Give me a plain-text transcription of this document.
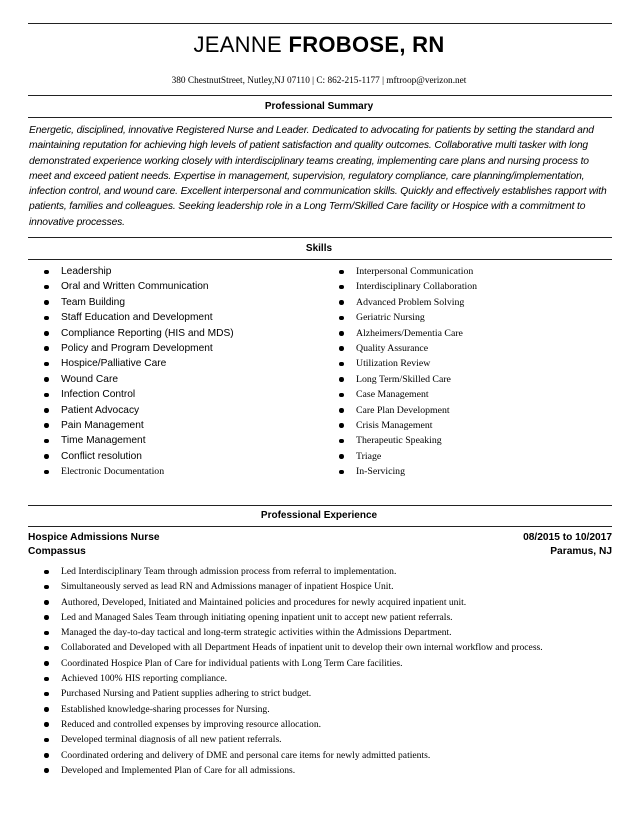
JEANNE FROBOSE, RN
380 ChestnutStreet, Nutley,NJ 07110 | C: 862-215-1177 | mftroop@verizon.net
Professional Summary
Energetic, disciplined, innovative Registered Nurse and Leader. Dedicated to advocating for patients by setting the standard and maintaining reputation for achieving high levels of patient satisfaction and quality outcomes. Collaborative multi tasker with long demonstrated experience working closely with interdisciplinary teams creating, implementing care plans and nursing process to meet and exceed patient needs. Expertise in management, supervision, regulatory compliance, care planning/implementation, infection control, and wound care. Excellent interpersonal and communication skills. Quickly and effectively establishes rapport with patients, families and colleagues. Seeking leadership role in a Long Term/Skilled Care facility or Hospice with a commitment to innovative processes.
Skills
Leadership
Oral and Written Communication
Team Building
Staff Education and Development
Compliance Reporting (HIS and MDS)
Policy and Program Development
Hospice/Palliative Care
Wound Care
Infection Control
Patient Advocacy
Pain Management
Time Management
Conflict resolution
Electronic Documentation
Interpersonal Communication
Interdisciplinary Collaboration
Advanced Problem Solving
Geriatric Nursing
Alzheimers/Dementia Care
Quality Assurance
Utilization Review
Long Term/Skilled Care
Case Management
Care Plan Development
Crisis Management
Therapeutic Speaking
Triage
In-Servicing
Professional Experience
Hospice Admissions Nurse
Compassus
08/2015 to 10/2017
Paramus, NJ
Led Interdisciplinary Team through admission process from referral to implementation.
Simultaneously served as lead RN and Admissions manager of inpatient Hospice Unit.
Authored, Developed, Initiated and Maintained policies and procedures for newly acquired inpatient unit.
Led and Managed Sales Team through initiating opening inpatient unit to accept new patient referrals.
Managed the day-to-day tactical and long-term strategic activities within the Admissions Department.
Collaborated and Developed with all Department Heads of inpatient unit to develop their own internal workflow and process.
Coordinated Hospice Plan of Care for individual patients with Long Term Care facilities.
Achieved 100% HIS reporting compliance.
Purchased Nursing and Patient supplies adhering to strict budget.
Established knowledge-sharing processes for Nursing.
Reduced and controlled expenses by improving resource allocation.
Developed terminal diagnosis of all new patient referrals.
Coordinated ordering and delivery of DME and personal care items for newly admitted patients.
Developed and Implemented Plan of Care for all admissions.
